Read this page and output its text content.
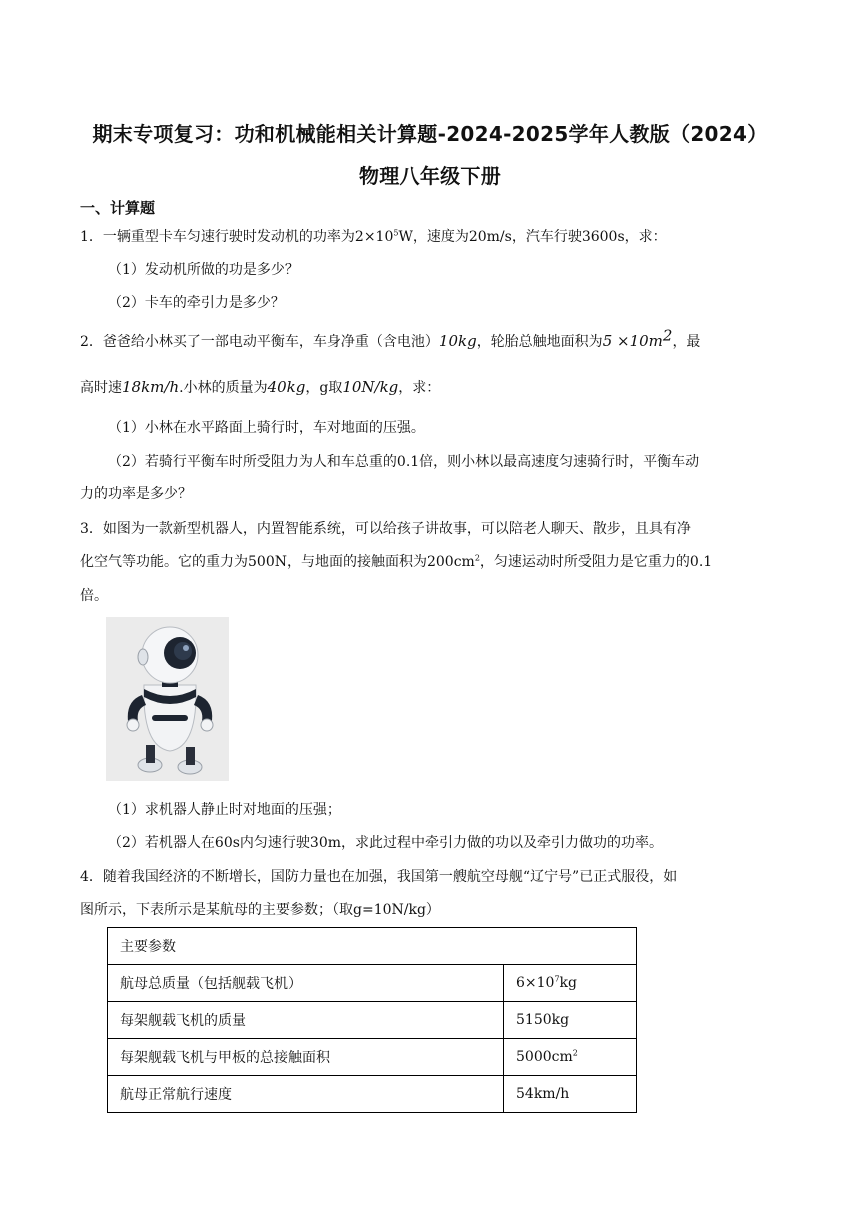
期末专项复习：功和机械能相关计算题-2024-2025学年人教版（2024）
物理八年级下册
一、计算题
1．一辆重型卡车匀速行驶时发动机的功率为$2\times 10^5W$，速度为20m/s，汽车行驶3600s，求：
（1）发动机所做的功是多少？
（2）卡车的牵引力是多少？
2．爸爸给小林买了一部电动平衡车，车身净重（含电池）10kg，轮胎总触地面积为$5 \times 10m^2$，最
高时速18km/h.小林的质量为40kg，g取10N/kg，求：
（1）小林在水平路面上骑行时，车对地面的压强。
（2）若骑行平衡车时所受阻力为人和车总重的0.1倍，则小林以最高速度匀速骑行时，平衡车动
力的功率是多少？
3．如图为一款新型机器人，内置智能系统，可以给孩子讲故事，可以陪老人聊天、散步，且具有净
化空气等功能。它的重力为500N，与地面的接触面积为$200cm^2$，匀速运动时所受阻力是它重力的0.1
倍。
（1）求机器人静止时对地面的压强；
（2）若机器人在60s内匀速行驶30m，求此过程中牵引力做的功以及牵引力做功的功率。
4．随着我国经济的不断增长，国防力量也在加强，我国第一艘航空母舰“辽宁号”已正式服役，如
图所示，下表所示是某航母的主要参数；（取g=10N/kg）
主要参数	
航母总质量（包括舰载飞机）	$6\times 10^7kg$
每架舰载飞机的质量	5150kg
每架舰载飞机与甲板的总接触面积	$5000cm^2$
航母正常航行速度	54km/h
